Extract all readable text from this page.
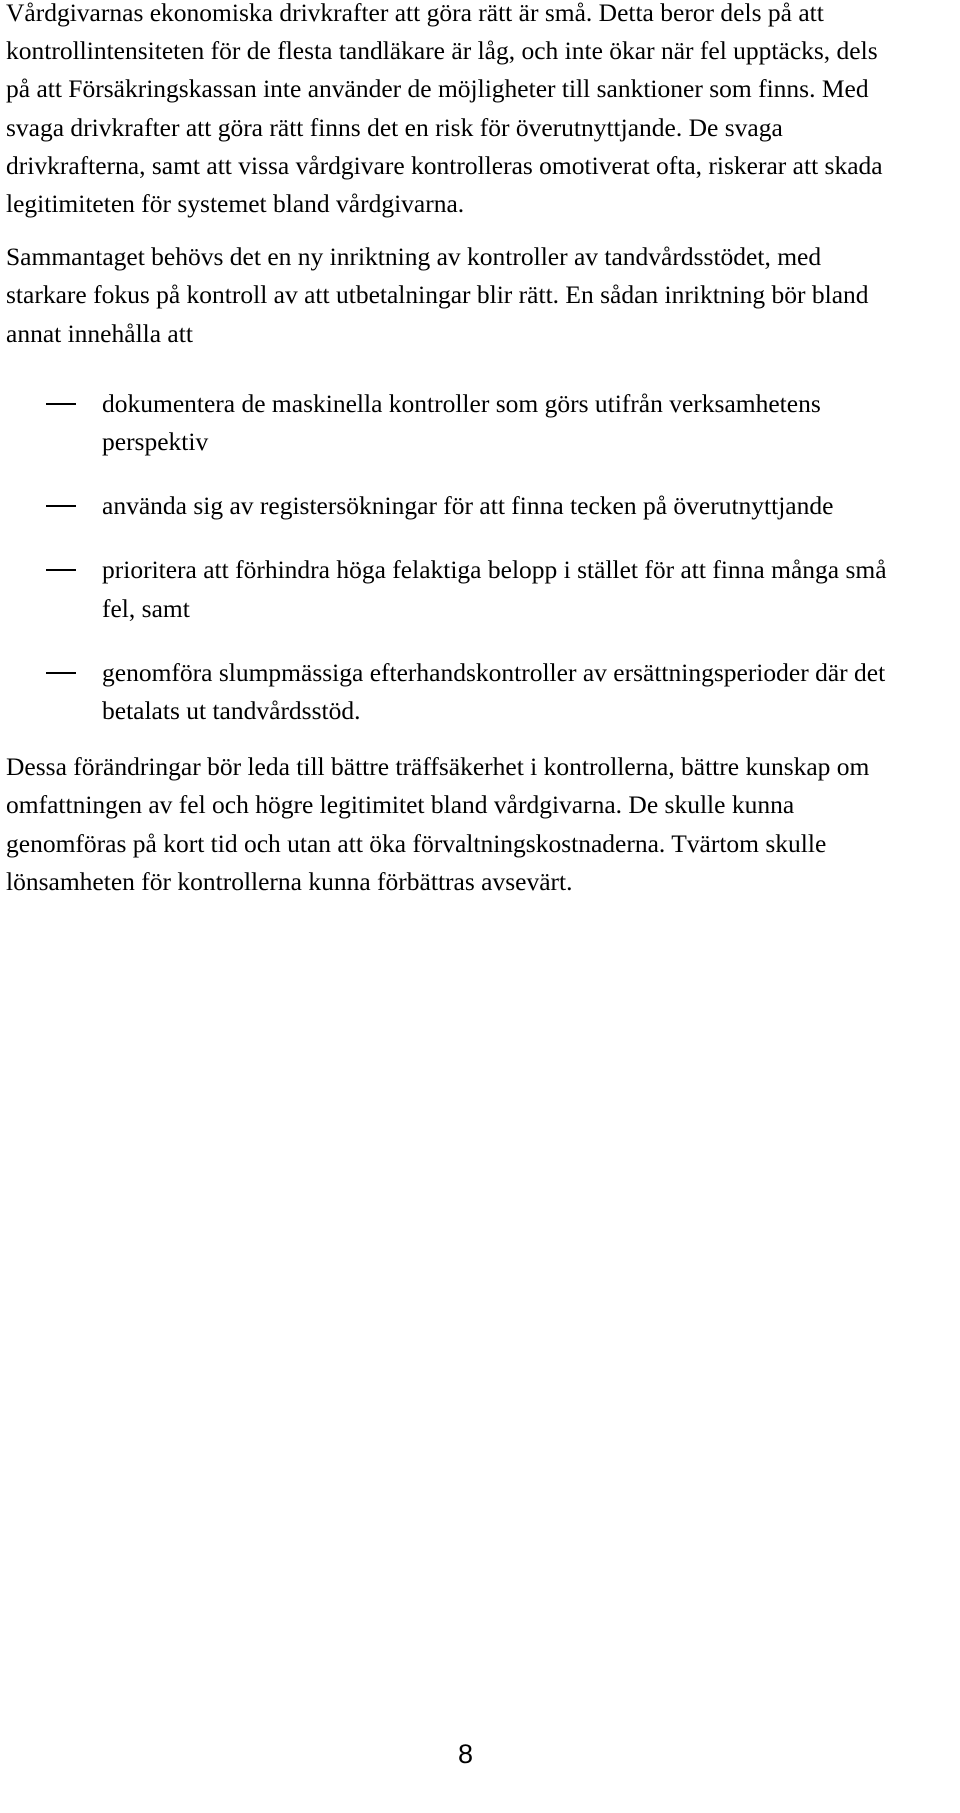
Vårdgivarnas ekonomiska drivkrafter att göra rätt är små. Detta beror dels på att kontrollintensiteten för de flesta tandläkare är låg, och inte ökar när fel upptäcks, dels på att Försäkringskassan inte använder de möjligheter till sanktioner som finns. Med svaga drivkrafter att göra rätt finns det en risk för överutnyttjande. De svaga drivkrafterna, samt att vissa vårdgivare kontrolleras omotiverat ofta, riskerar att skada legitimiteten för systemet bland vårdgivarna.

Sammantaget behövs det en ny inriktning av kontroller av tandvårdsstödet, med starkare fokus på kontroll av att utbetalningar blir rätt. En sådan inriktning bör bland annat innehålla att

dokumentera de maskinella kontroller som görs utifrån verksamhetens perspektiv
använda sig av registersökningar för att finna tecken på överutnyttjande
prioritera att förhindra höga felaktiga belopp i stället för att finna många små fel, samt
genomföra slumpmässiga efterhandskontroller av ersättningsperioder där det betalats ut tandvårdsstöd.

Dessa förändringar bör leda till bättre träffsäkerhet i kontrollerna, bättre kunskap om omfattningen av fel och högre legitimitet bland vårdgivarna. De skulle kunna genomföras på kort tid och utan att öka förvaltningskostnaderna. Tvärtom skulle lönsamheten för kontrollerna kunna förbättras avsevärt.

8
